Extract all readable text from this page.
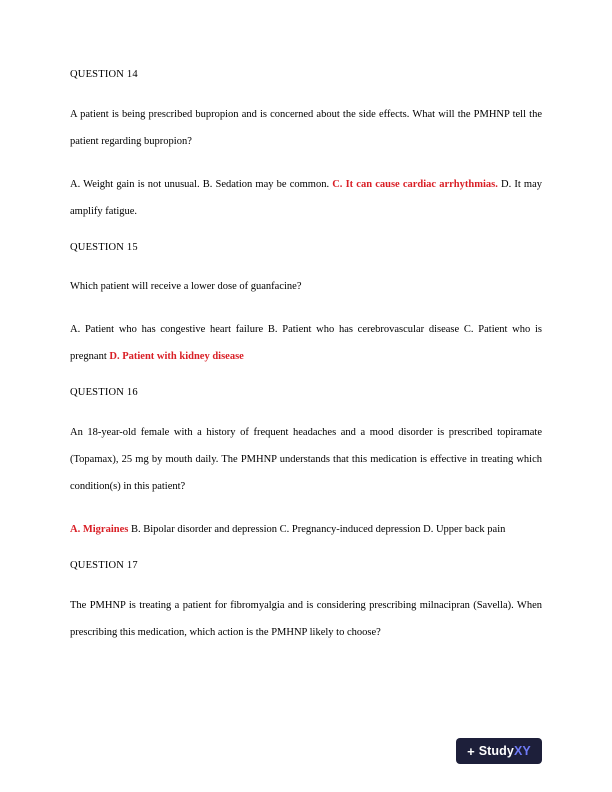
QUESTION 14
A patient is being prescribed bupropion and is concerned about the side effects. What will the PMHNP tell the patient regarding bupropion?
A. Weight gain is not unusual. B. Sedation may be common. C. It can cause cardiac arrhythmias. D. It may amplify fatigue.
QUESTION 15
Which patient will receive a lower dose of guanfacine?
A. Patient who has congestive heart failure B. Patient who has cerebrovascular disease C. Patient who is pregnant D. Patient with kidney disease
QUESTION 16
An 18-year-old female with a history of frequent headaches and a mood disorder is prescribed topiramate (Topamax), 25 mg by mouth daily. The PMHNP understands that this medication is effective in treating which condition(s) in this patient?
A. Migraines B. Bipolar disorder and depression C. Pregnancy-induced depression D. Upper back pain
QUESTION 17
The PMHNP is treating a patient for fibromyalgia and is considering prescribing milnacipran (Savella). When prescribing this medication, which action is the PMHNP likely to choose?
+ StudyXY
